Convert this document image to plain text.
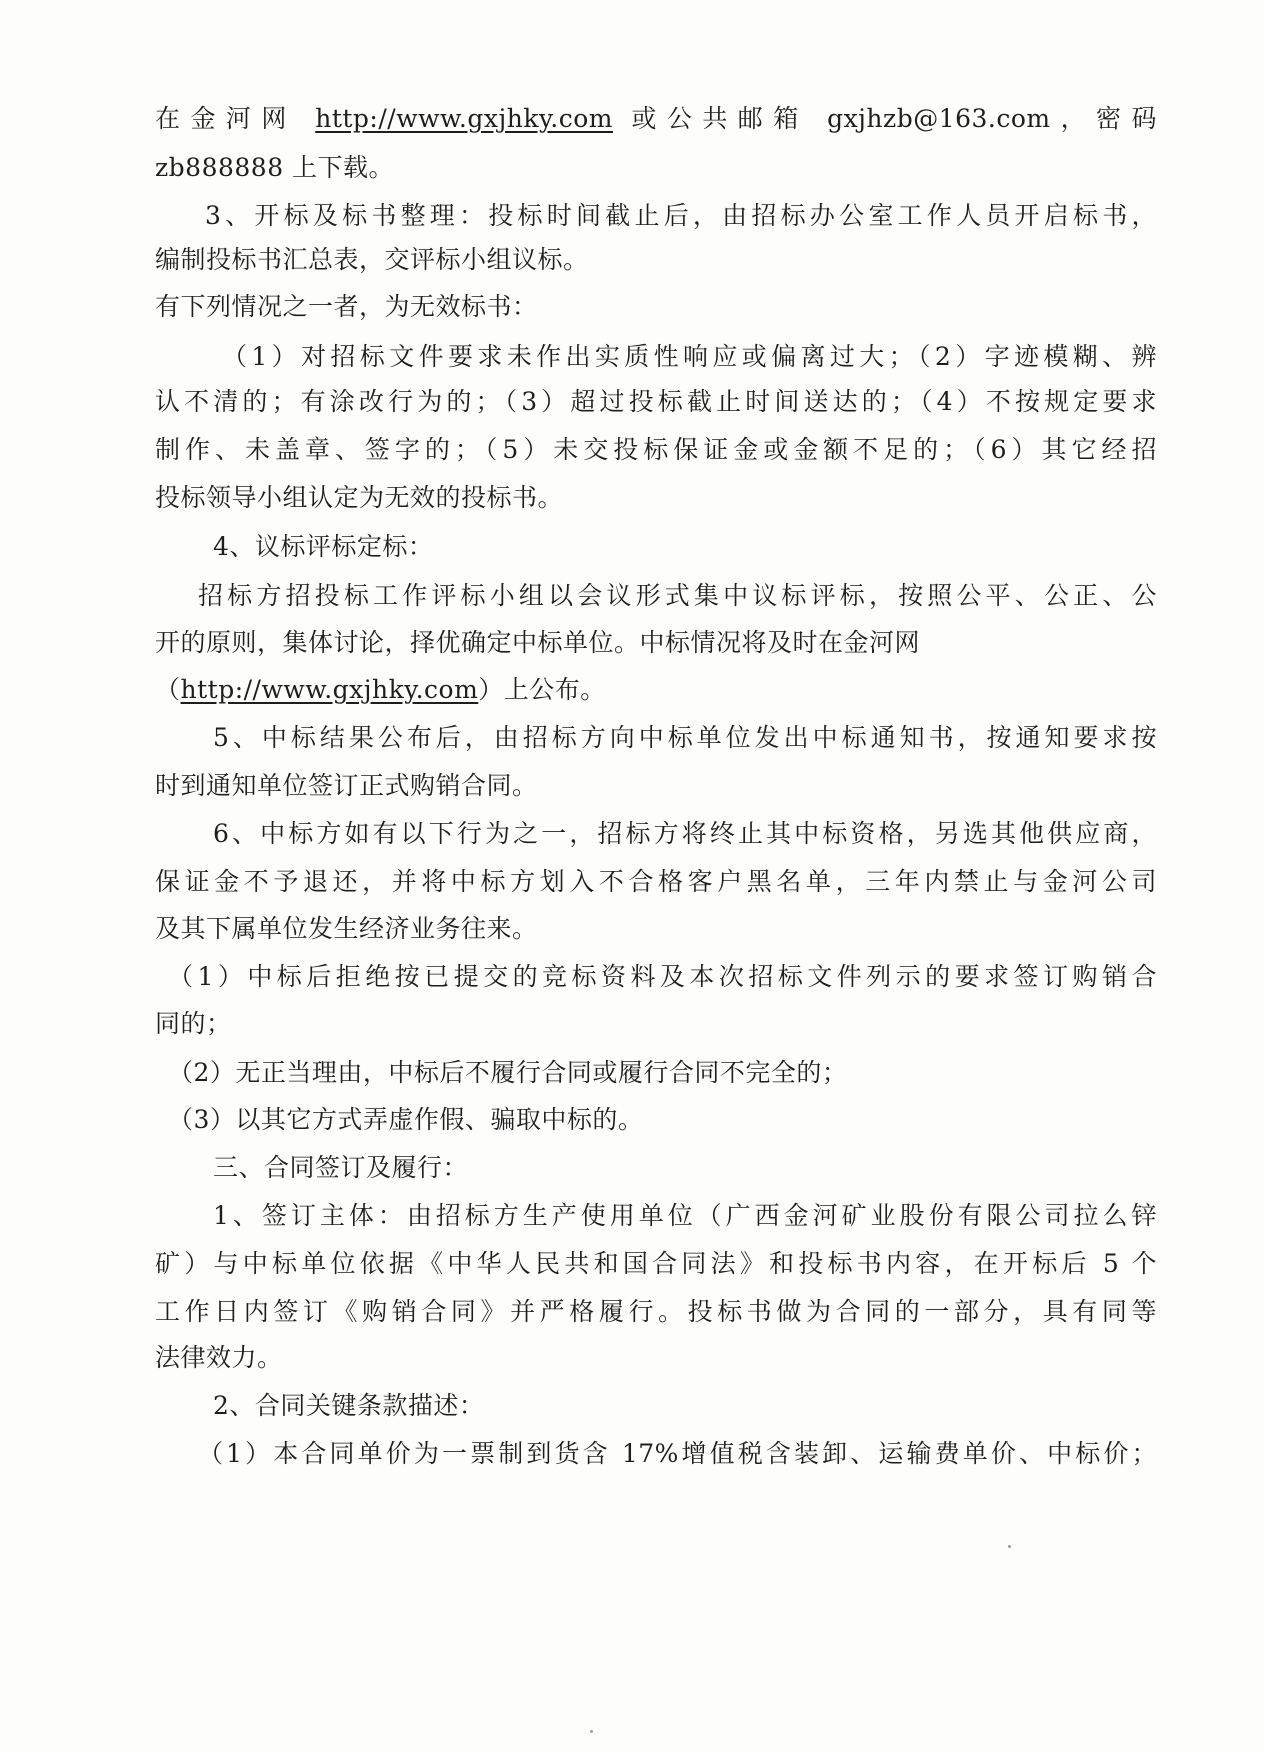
在金河网 http://www.gxjhky.com 或公共邮箱 gxjhzb@163.com，密码
zb888888 上下载。
3、开标及标书整理：投标时间截止后，由招标办公室工作人员开启标书，
编制投标书汇总表，交评标小组议标。
有下列情况之一者，为无效标书：
（1）对招标文件要求未作出实质性响应或偏离过大；（2）字迹模糊、辨
认不清的；有涂改行为的；（3）超过投标截止时间送达的；（4）不按规定要求
制作、未盖章、签字的；（5）未交投标保证金或金额不足的；（6）其它经招
投标领导小组认定为无效的投标书。
4、议标评标定标：
招标方招投标工作评标小组以会议形式集中议标评标，按照公平、公正、公
开的原则，集体讨论，择优确定中标单位。中标情况将及时在金河网
（http://www.gxjhky.com）上公布。
5、中标结果公布后，由招标方向中标单位发出中标通知书，按通知要求按
时到通知单位签订正式购销合同。
6、中标方如有以下行为之一，招标方将终止其中标资格，另选其他供应商，
保证金不予退还，并将中标方划入不合格客户黑名单，三年内禁止与金河公司
及其下属单位发生经济业务往来。
（1）中标后拒绝按已提交的竞标资料及本次招标文件列示的要求签订购销合
同的；
（2）无正当理由，中标后不履行合同或履行合同不完全的；
（3）以其它方式弄虚作假、骗取中标的。
三、合同签订及履行：
1、签订主体：由招标方生产使用单位（广西金河矿业股份有限公司拉么锌
矿）与中标单位依据《中华人民共和国合同法》和投标书内容，在开标后 5 个
工作日内签订《购销合同》并严格履行。投标书做为合同的一部分，具有同等
法律效力。
2、合同关键条款描述：
（1）本合同单价为一票制到货含 17%增值税含装卸、运输费单价、中标价；
